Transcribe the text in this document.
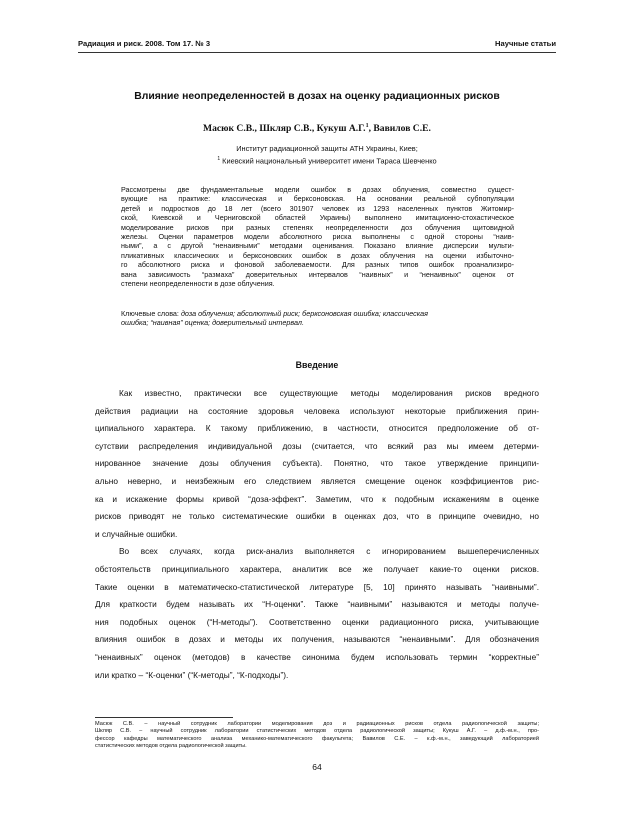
Радиация и риск. 2008. Том 17. № 3	Научные статьи
Влияние неопределенностей в дозах на оценку радиационных рисков
Масюк С.В., Шкляр С.В., Кукуш А.Г.$^1$, Вавилов С.Е.
Институт радиационной защиты АТН Украины, Киев;
$^1$ Киевский национальный университет имени Тараса Шевченко
Рассмотрены две фундаментальные модели ошибок в дозах облучения, совместно сущест-
вующие на практике: классическая и берксоновская. На основании реальной субпопуляции
детей и подростков до 18 лет (всего 301907 человек из 1293 населенных пунктов Житомир-
ской, Киевской и Черниговской областей Украины) выполнено имитационно-стохастическое
моделирование рисков при разных степенях неопределенности доз облучения щитовидной
железы. Оценки параметров модели абсолютного риска выполнены с одной стороны “наив-
ными”, а с другой “ненаивными” методами оценивания. Показано влияние дисперсии мульти-
пликативных классических и берксоновских ошибок в дозах облучения на оценки избыточно-
го абсолютного риска и фоновой заболеваемости. Для разных типов ошибок проанализиро-
вана зависимость “размаха” доверительных интервалов “наивных” и “ненаивных” оценок от
степени неопределенности в дозе облучения.
Ключевые слова: доза облучения; абсолютный риск; берксоновская ошибка; классическая
ошибка; “наивная” оценка; доверительный интервал.
Введение
Как известно, практически все существующие методы моделирования рисков вредного
действия радиации на состояние здоровья человека используют некоторые приближения прин-
ципиального характера. К такому приближению, в частности, относится предположение об от-
сутствии распределения индивидуальной дозы (считается, что всякий раз мы имеем детерми-
нированное значение дозы облучения субъекта). Понятно, что такое утверждение принципи-
ально неверно, и неизбежным его следствием является смещение оценок коэффициентов рис-
ка и искажение формы кривой “доза-эффект”. Заметим, что к подобным искажениям в оценке
рисков приводят не только систематические ошибки в оценках доз, что в принципе очевидно, но
и случайные ошибки.
Во всех случаях, когда риск-анализ выполняется с игнорированием вышеперечисленных
обстоятельств принципиального характера, аналитик все же получает какие-то оценки рисков.
Такие оценки в математическо-статистической литературе [5, 10] принято называть “наивными”.
Для краткости будем называть их “Н-оценки”. Также “наивными” называются и методы получе-
ния подобных оценок (“Н-методы”). Соответственно оценки радиационного риска, учитывающие
влияния ошибок в дозах и методы их получения, называются “ненаивными”. Для обозначения
“ненаивных” оценок (методов) в качестве синонима будем использовать термин “корректные”
или кратко – “К-оценки” (“К-методы”, “К-подходы”).
Масюк С.В. – научный сотрудник лаборатории моделирования доз и радиационных рисков отдела радиологической защиты;
Шкляр С.В. – научный сотрудник лаборатории статистических методов отдела радиологической защиты; Кукуш А.Г. – д.ф.-м.н., про-
фессор кафедры математического анализа механико-математического факультета; Вавилов С.Е. – к.ф.-м.н., заведующий лабораторией
статистических методов отдела радиологической защиты.
64
